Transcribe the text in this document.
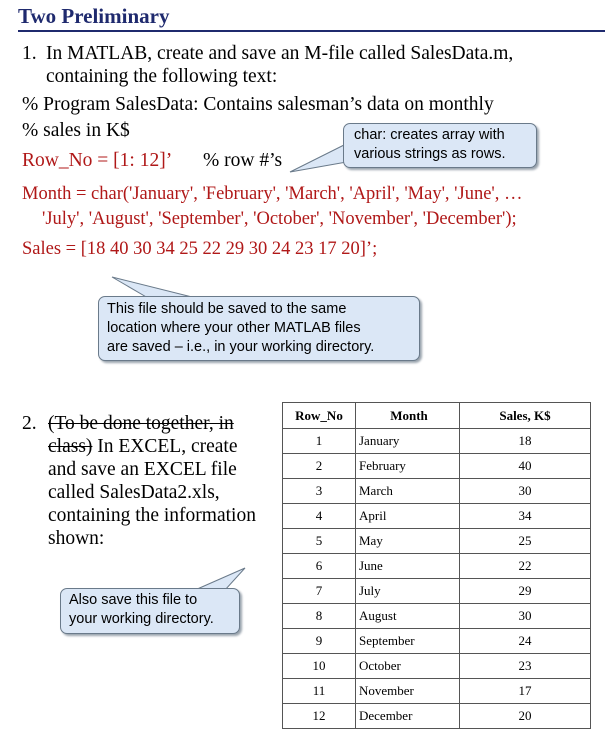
Two Preliminary
1. In MATLAB, create and save an M-file called SalesData.m,
containing the following text:
% Program SalesData: Contains salesman’s data on monthly
% sales in K$
Row_No = [1: 12]’ % row #’s
Month = char('January', 'February', 'March', 'April', 'May', 'June', …
'July', 'August', 'September', 'October', 'November', 'December');
Sales = [18 40 30 34 25 22 29 30 24 23 17 20]’;
char: creates array with
various strings as rows.
This file should be saved to the same
location where your other MATLAB files
are saved – i.e., in your working directory.
2. (To be done together, in
class) In EXCEL, create
and save an EXCEL file
called SalesData2.xls,
containing the information
shown:
Also save this file to
your working directory.
Row_No	Month	Sales, K$
1	January	18
2	February	40
3	March	30
4	April	34
5	May	25
6	June	22
7	July	29
8	August	30
9	September	24
10	October	23
11	November	17
12	December	20
